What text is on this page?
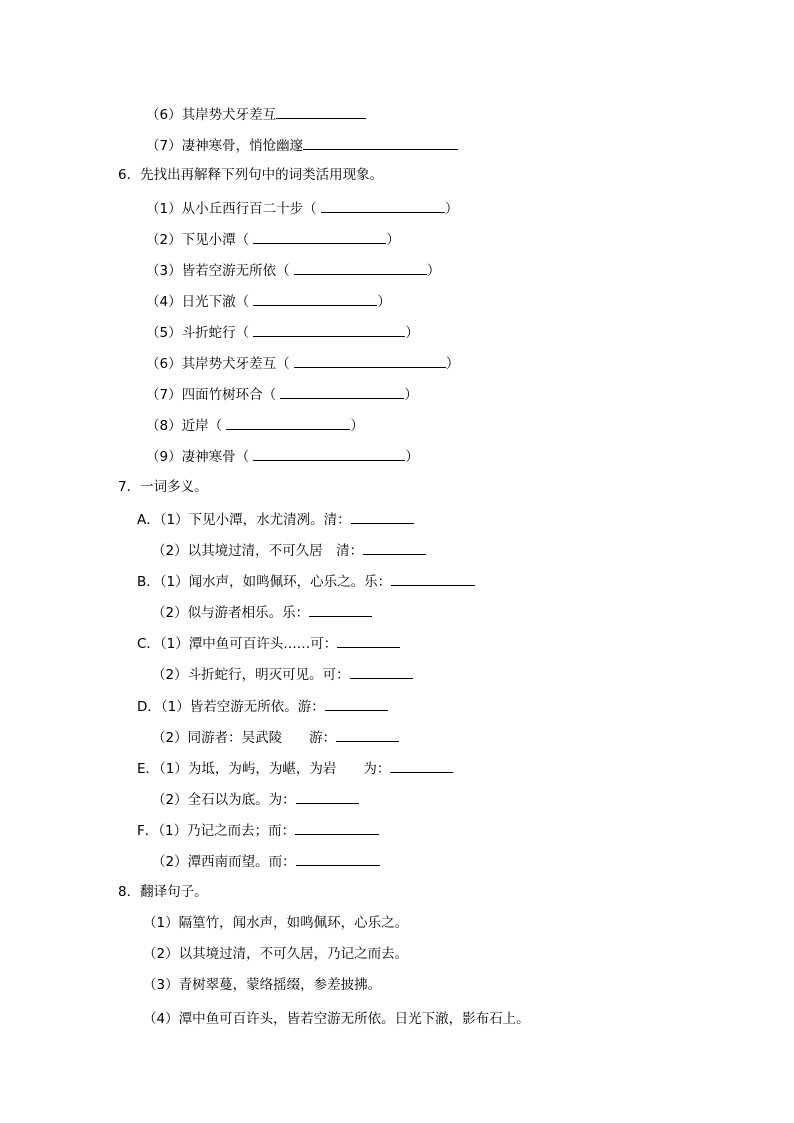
（6）其岸势犬牙差互
（7）凄神寒骨，悄怆幽邃
6．先找出再解释下列句中的词类活用现象。
（1）从小丘西行百二十步（	）
（2）下见小潭（	）
（3）皆若空游无所依（	）
（4）日光下澈（	）
（5）斗折蛇行（	）
（6）其岸势犬牙差互（	）
（7）四面竹树环合（	）
（8）近岸（	）
（9）凄神寒骨（	）
7．一词多义。
A．（1）下见小潭，水尤清冽。清：
（2）以其境过清，不可久居　清：
B．（1）闻水声，如鸣佩环，心乐之。乐：
（2）似与游者相乐。乐：
C．（1）潭中鱼可百许头……可：
（2）斗折蛇行，明灭可见。可：
D．（1）皆若空游无所依。游：
（2）同游者：吴武陵　　游：
E．（1）为坻，为屿，为嵁，为岩　　为：
（2）全石以为底。为：
F．（1）乃记之而去；而：
（2）潭西南而望。而：
8．翻译句子。
（1）隔篁竹，闻水声，如鸣佩环，心乐之。
（2）以其境过清，不可久居，乃记之而去。
（3）青树翠蔓，蒙络摇缀，参差披拂。
（4）潭中鱼可百许头，皆若空游无所依。日光下澈，影布石上。
